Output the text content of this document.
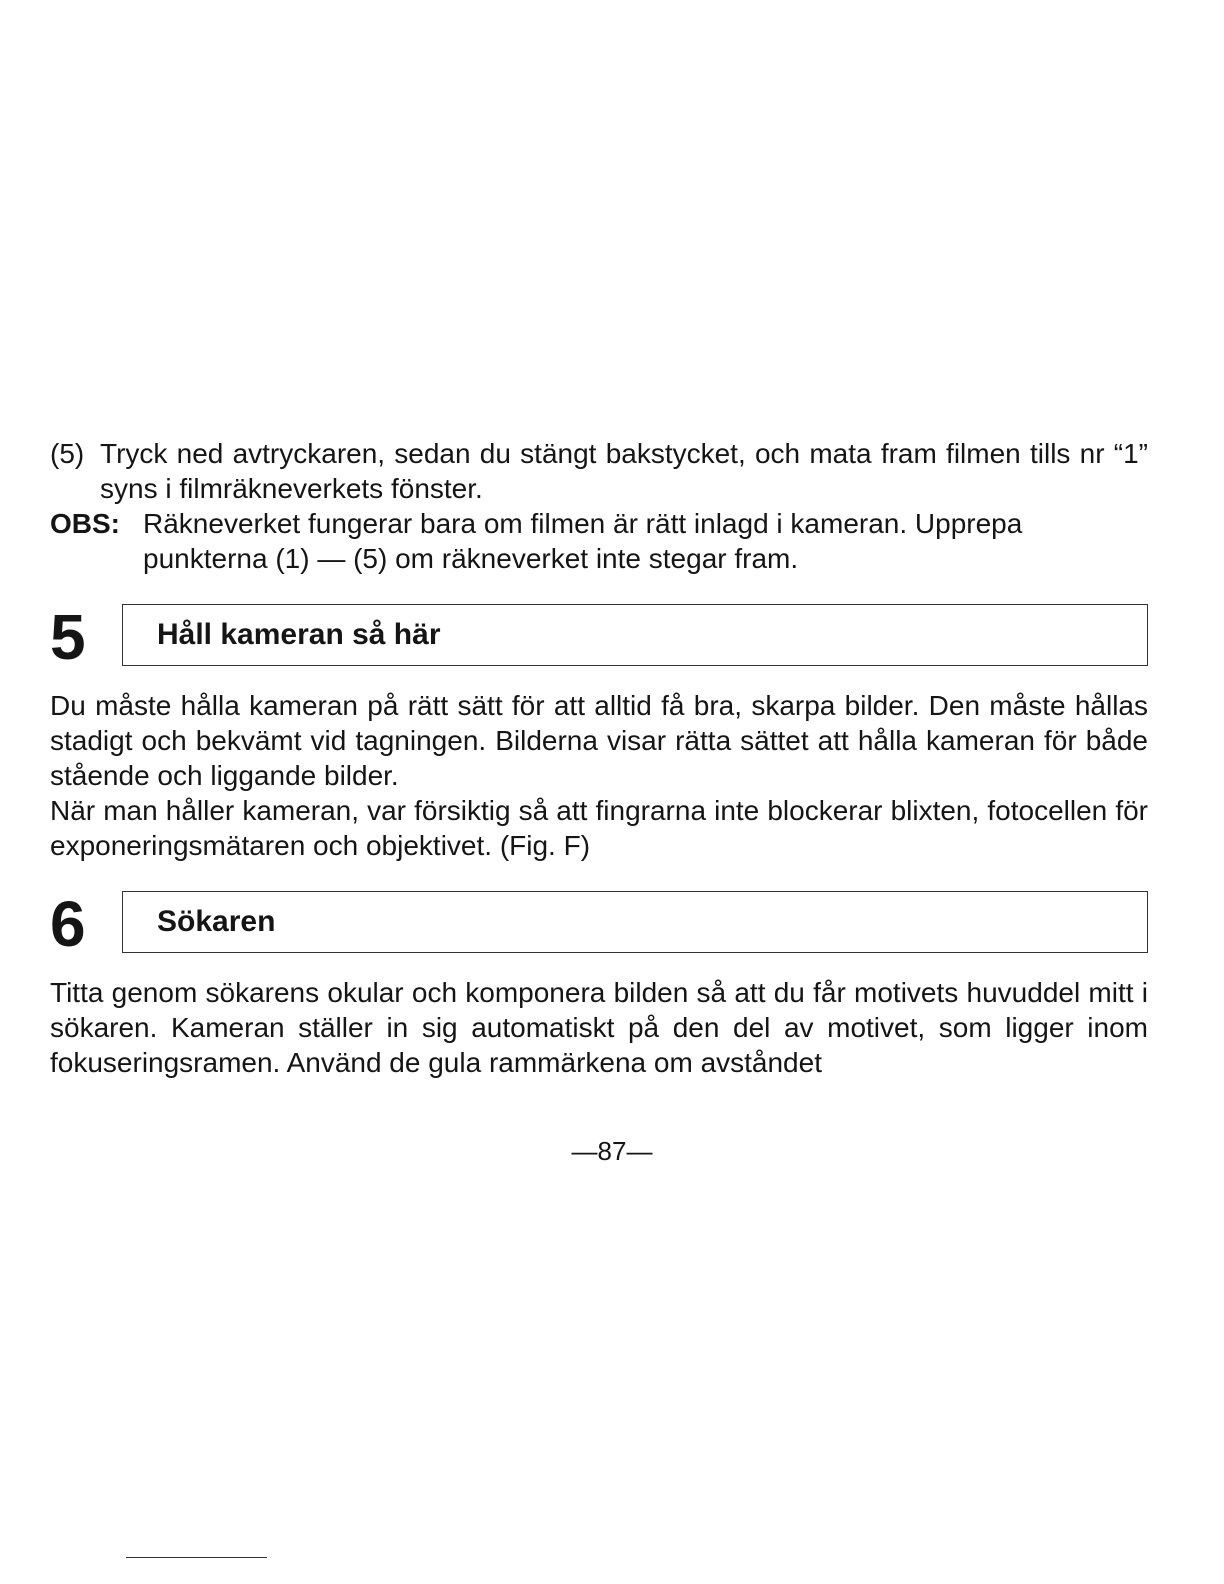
(5) Tryck ned avtryckaren, sedan du stängt bakstycket, och mata fram filmen tills nr “1” syns i filmräkneverkets fönster.
OBS: Räkneverket fungerar bara om filmen är rätt inlagd i kameran. Upprepa punkterna (1) — (5) om räkneverket inte stegar fram.
5	Håll kameran så här

Du måste hålla kameran på rätt sätt för att alltid få bra, skarpa bilder. Den måste hållas stadigt och bekvämt vid tagningen. Bilderna visar rätta sättet att hålla kameran för både stående och liggande bilder.

När man håller kameran, var försiktig så att fingrarna inte blockerar blixten, fotocellen för exponeringsmätaren och objektivet. (Fig. F)

6	Sökaren

Titta genom sökarens okular och komponera bilden så att du får motivets huvuddel mitt i sökaren. Kameran ställer in sig automatiskt på den del av motivet, som ligger inom fokuseringsramen. Använd de gula rammärkena om avståndet

—87—
